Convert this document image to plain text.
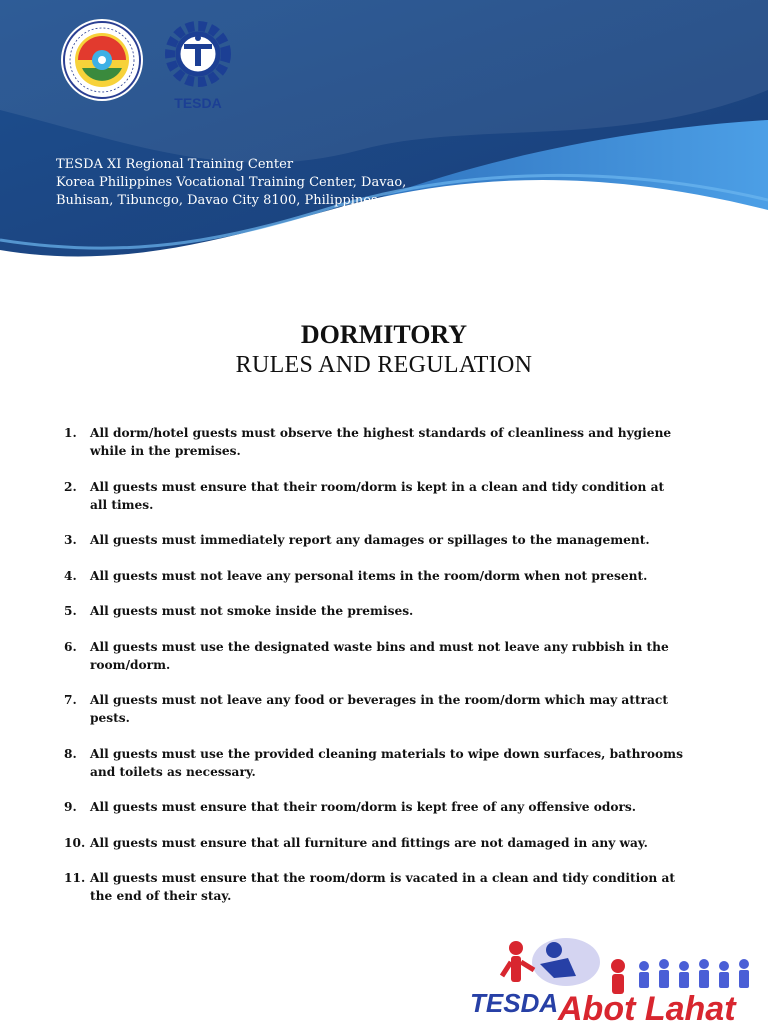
TESDA
TESDA XI Regional Training Center
Korea Philippines Vocational Training Center, Davao,
Buhisan, Tibuncgo, Davao City 8100, Philippines
DORMITORY
RULES AND REGULATION
1. All dorm/hotel guests must observe the highest standards of cleanliness and hygiene while in the premises.
2. All guests must ensure that their room/dorm is kept in a clean and tidy condition at all times.
3. All guests must immediately report any damages or spillages to the management.
4. All guests must not leave any personal items in the room/dorm when not present.
5. All guests must not smoke inside the premises.
6. All guests must use the designated waste bins and must not leave any rubbish in the room/dorm.
7. All guests must not leave any food or beverages in the room/dorm which may attract pests.
8. All guests must use the provided cleaning materials to wipe down surfaces, bathrooms and toilets as necessary.
9. All guests must ensure that their room/dorm is kept free of any offensive odors.
10. All guests must ensure that all furniture and fittings are not damaged in any way.
11. All guests must ensure that the room/dorm is vacated in a clean and tidy condition at the end of their stay.
TESDA Abot Lahat
